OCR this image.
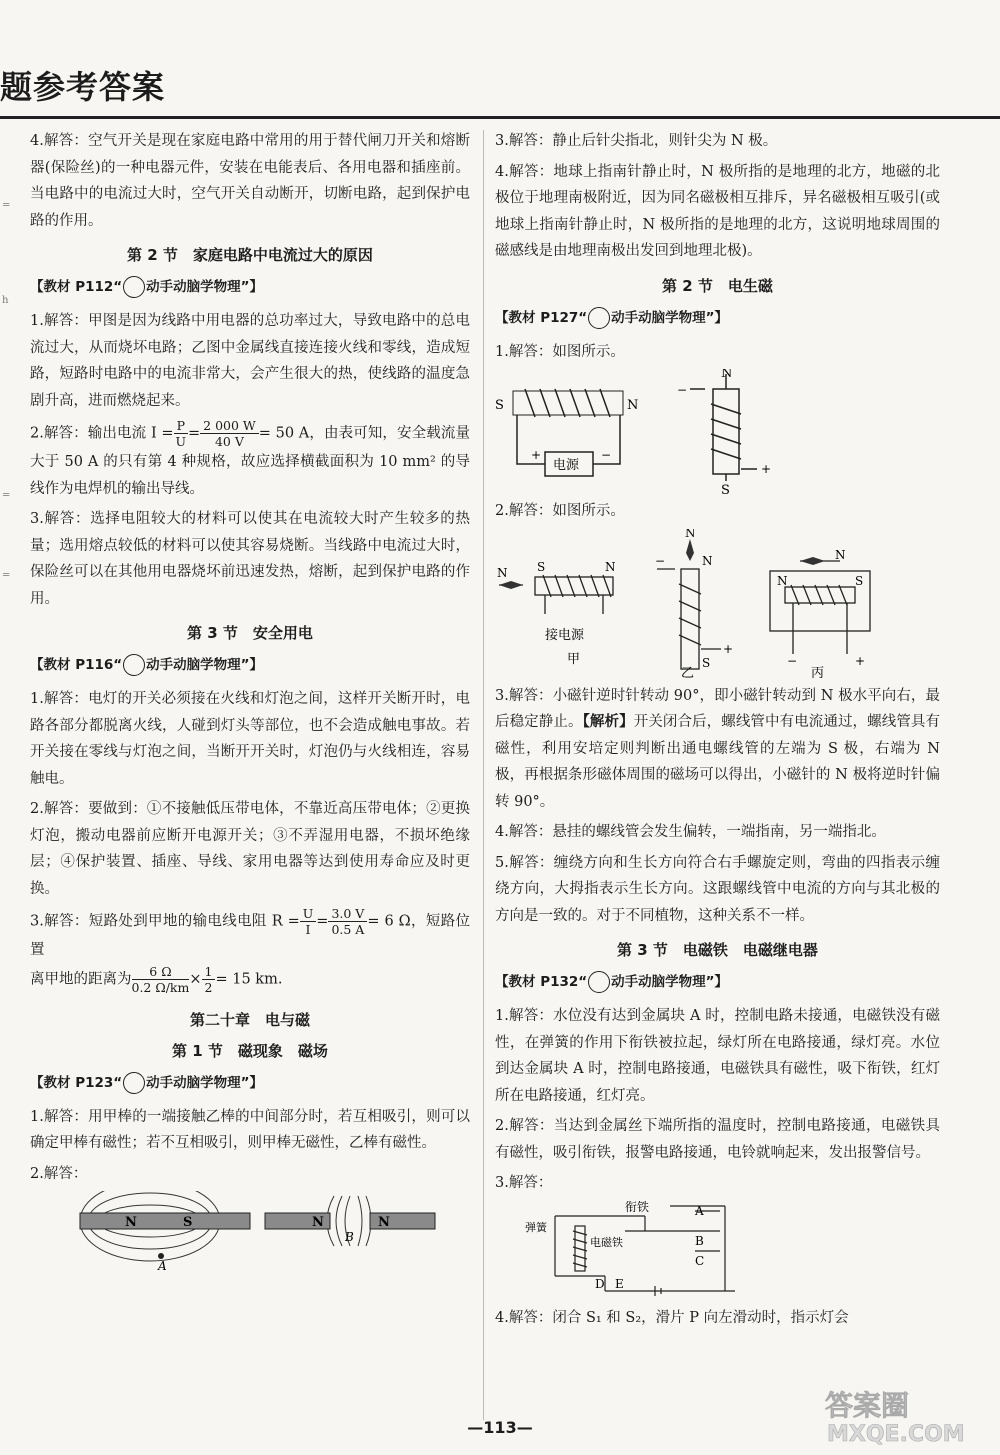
题参考答案
=
h
=
=

4.解答：空气开关是现在家庭电路中常用的用于替代闸刀开关和熔断器(保险丝)的一种电器元件，安装在电能表后、各用电器和插座前。当电路中的电流过大时，空气开关自动断开，切断电路，起到保护电路的作用。

第 2 节　家庭电路中电流过大的原因
【教材 P112“ 动手动脑学物理”】

1.解答：甲图是因为线路中用电器的总功率过大，导致电路中的总电流过大，从而烧坏电路；乙图中金属线直接连接火线和零线，造成短路，短路时电路中的电流非常大，会产生很大的热，使线路的温度急剧升高，进而燃烧起来。

2.解答：输出电流 $I = \frac{P}{U} = \frac{2 000 W}{40 V} = 50$ A，由表可知，安全载流量大于 50 A 的只有第 4 种规格，故应选择横截面积为 10 mm² 的导线作为电焊机的输出导线。

3.解答：选择电阻较大的材料可以使其在电流较大时产生较多的热量；选用熔点较低的材料可以使其容易烧断。当线路中电流过大时，保险丝可以在其他用电器烧坏前迅速发热，熔断，起到保护电路的作用。

第 3 节　安全用电
【教材 P116“ 动手动脑学物理”】

1.解答：电灯的开关必须接在火线和灯泡之间，这样开关断开时，电路各部分都脱离火线，人碰到灯头等部位，也不会造成触电事故。若开关接在零线与灯泡之间，当断开开关时，灯泡仍与火线相连，容易触电。

2.解答：要做到：①不接触低压带电体，不靠近高压带电体；②更换灯泡，搬动电器前应断开电源开关；③不弄湿用电器，不损坏绝缘层；④保护装置、插座、导线、家用电器等达到使用寿命应及时更换。

3.解答：短路处到甲地的输电线电阻 $R = \frac{U}{I} = \frac{3.0 V}{0.5 A} = 6$ Ω，短路位置
离甲地的距离为 $\frac{6 \Omega}{0.2 \Omega/km} \times \frac{1}{2} = 15$ km.

第二十章　电与磁
第 1 节　磁现象　磁场
【教材 P123“ 动手动脑学物理”】

1.解答：用甲棒的一端接触乙棒的中间部分时，若互相吸引，则可以确定甲棒有磁性；若不互相吸引，则甲棒无磁性，乙棒有磁性。

2.解答：

N	S	N	N
B
A

3.解答：静止后针尖指北，则针尖为 N 极。

4.解答：地球上指南针静止时，N 极所指的是地理的北方，地磁的北极位于地理南极附近，因为同名磁极相互排斥，异名磁极相互吸引(或地球上指南针静止时，N 极所指的是地理的北方，这说明地球周围的磁感线是由地理南极出发回到地理北极)。

第 2 节　电生磁
【教材 P127“ 动手动脑学物理”】

1.解答：如图所示。

S	N
电源
+	−
N
S
−
+

2.解答：如图所示。

N S	N
接电源
甲
N
N
−
+
S
乙
N	S
N
−	+
丙

3.解答：小磁针逆时针转动 90°，即小磁针转动到 N 极水平向右，最后稳定静止。【解析】开关闭合后，螺线管中有电流通过，螺线管具有磁性，利用安培定则判断出通电螺线管的左端为 S 极，右端为 N 极，再根据条形磁体周围的磁场可以得出，小磁针的 N 极将逆时针偏转 90°。

4.解答：悬挂的螺线管会发生偏转，一端指南，另一端指北。

5.解答：缠绕方向和生长方向符合右手螺旋定则，弯曲的四指表示缠绕方向，大拇指表示生长方向。这跟螺线管中电流的方向与其北极的方向是一致的。对于不同植物，这种关系不一样。

第 3 节　电磁铁　电磁继电器
【教材 P132“ 动手动脑学物理”】

1.解答：水位没有达到金属块 A 时，控制电路未接通，电磁铁没有磁性，在弹簧的作用下衔铁被拉起，绿灯所在电路接通，绿灯亮。水位到达金属块 A 时，控制电路接通，电磁铁具有磁性，吸下衔铁，红灯所在电路接通，红灯亮。

2.解答：当达到金属丝下端所指的温度时，控制电路接通，电磁铁具有磁性，吸引衔铁，报警电路接通，电铃就响起来，发出报警信号。

3.解答：

衔铁
弹簧
电磁铁
A
B
C
D E

4.解答：闭合 S₁ 和 S₂，滑片 P 向左滑动时，指示灯会

—113—
答案圈
MXQE.COM
